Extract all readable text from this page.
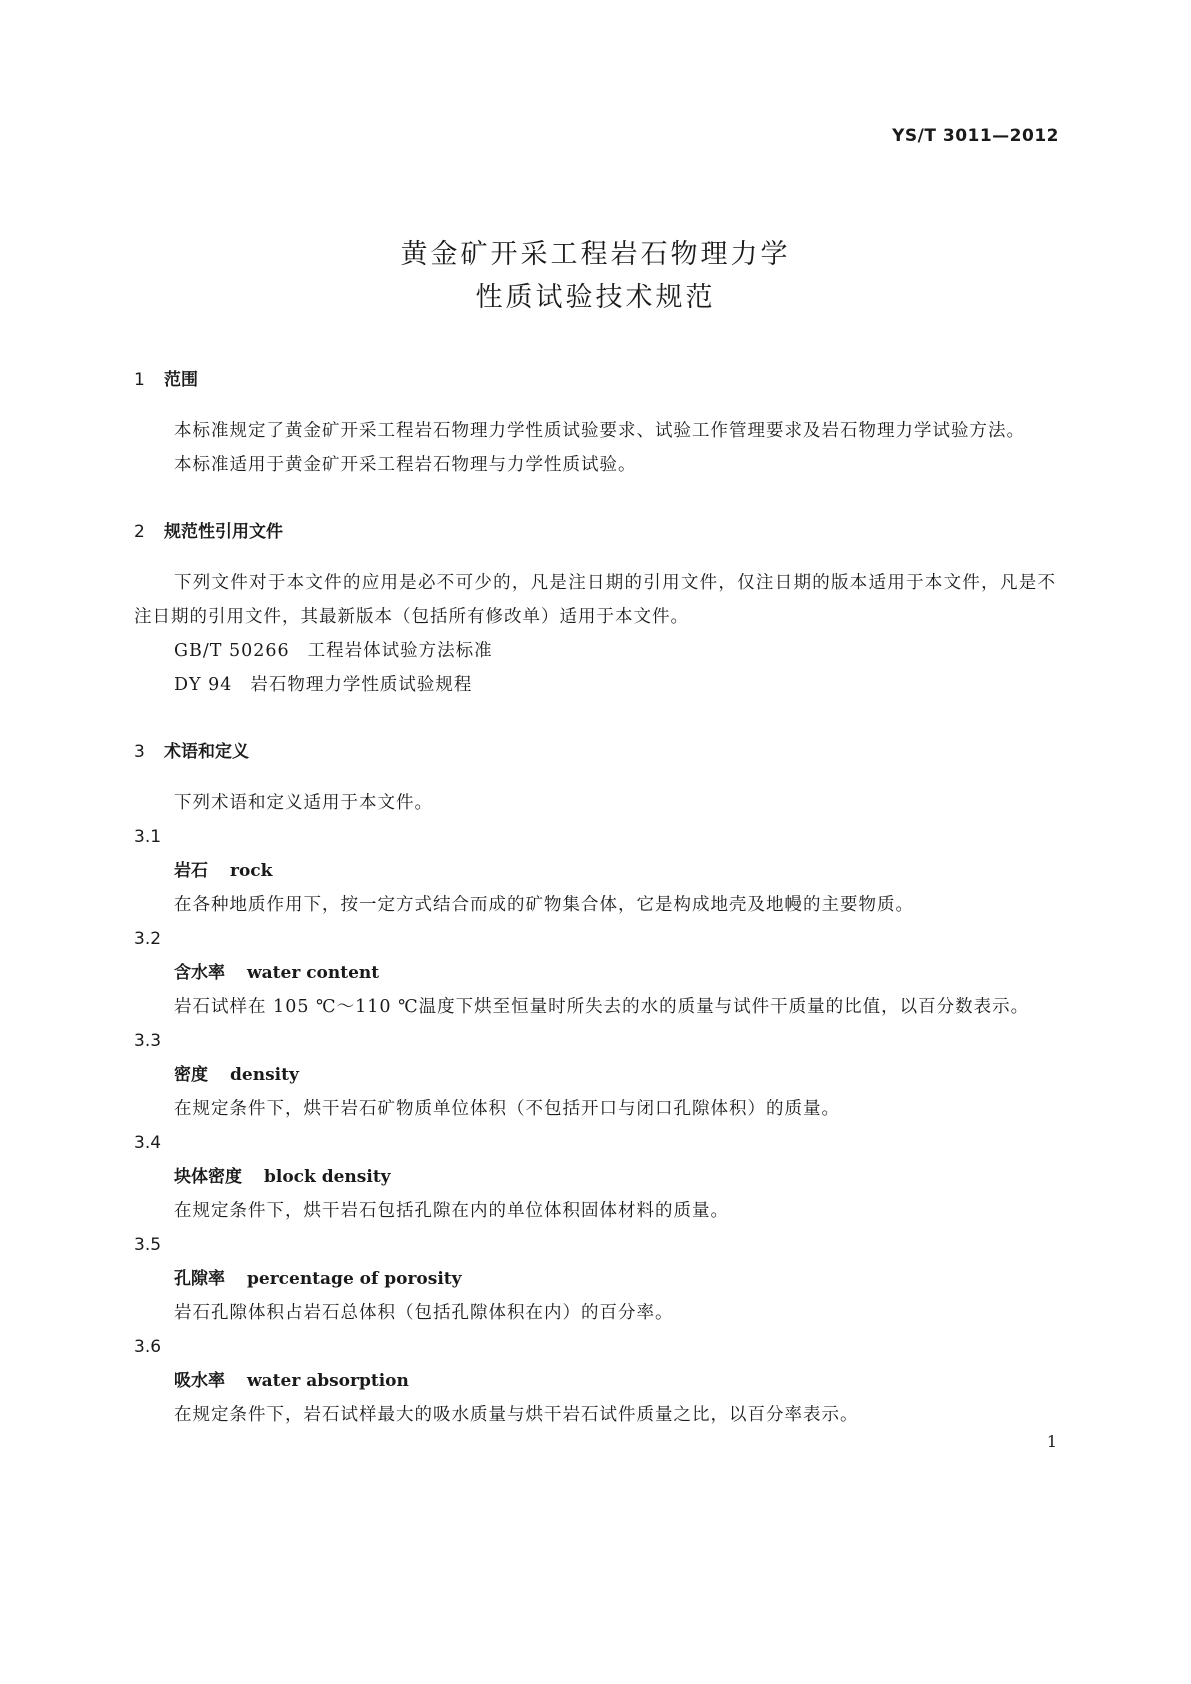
YS/T 3011—2012
黄金矿开采工程岩石物理力学
性质试验技术规范
1 范围
本标准规定了黄金矿开采工程岩石物理力学性质试验要求、试验工作管理要求及岩石物理力学试验方法。
本标准适用于黄金矿开采工程岩石物理与力学性质试验。
2 规范性引用文件
下列文件对于本文件的应用是必不可少的，凡是注日期的引用文件，仅注日期的版本适用于本文件，凡是不注日期的引用文件，其最新版本（包括所有修改单）适用于本文件。
GB/T 50266 工程岩体试验方法标准
DY 94 岩石物理力学性质试验规程
3 术语和定义
下列术语和定义适用于本文件。
3.1
岩石 rock
在各种地质作用下，按一定方式结合而成的矿物集合体，它是构成地壳及地幔的主要物质。
3.2
含水率 water content
岩石试样在 105 ℃～110 ℃温度下烘至恒量时所失去的水的质量与试件干质量的比值，以百分数表示。
3.3
密度 density
在规定条件下，烘干岩石矿物质单位体积（不包括开口与闭口孔隙体积）的质量。
3.4
块体密度 block density
在规定条件下，烘干岩石包括孔隙在内的单位体积固体材料的质量。
3.5
孔隙率 percentage of porosity
岩石孔隙体积占岩石总体积（包括孔隙体积在内）的百分率。
3.6
吸水率 water absorption
在规定条件下，岩石试样最大的吸水质量与烘干岩石试件质量之比，以百分率表示。
1
